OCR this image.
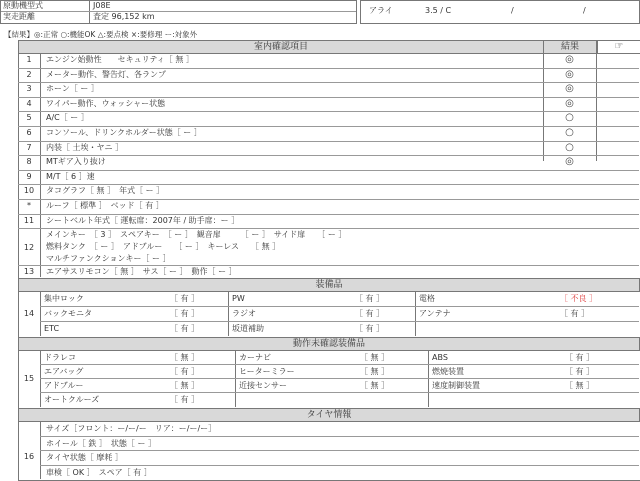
原動機型式	J08E
実走距離	査定 96,152 km
アライ	3.5 / C	/	/
【結果】◎:正常 ○:機能OK △:要点検 ×:要修理 ー:対象外
室内確認項目	結果	☞
1	エンジン始動性　　セキュリティ［ 無 ］	◎
2	メーター動作、警告灯、各ランプ	◎
3	ホーン［ ー ］	◎
4	ワイパー動作、ウォッシャー状態	◎
5	A/C［ ー ］	○
6	コンソール、ドリンクホルダー状態［ ー ］	○
7	内装［ 土埃・ヤニ ］	○
8	MTギア入り抜け	◎
9	M/T［ 6 ］速
10	タコグラフ［ 無 ］　年式［ ー ］
*	ルーフ［ 標準 ］　ベッド［ 有 ］
11	シートベルト年式［ 運転席：2007年 / 助手席：ー ］
12
メインキー　［ 3 ］　スペアキー　［ ー ］　観音扉　　　［ ー ］　サイド扉　　［ ー ］
燃料タンク　［ ー ］　アドブルー　　［ ー ］　キーレス　　［ 無 ］
マルチファンクションキー［ ー ］
13	エアサスリモコン［ 無 ］　サス［ ー ］　動作［ ー ］
装備品
14
集中ロック	［ 有 ］	PW	［ 有 ］	電格	［ 不良 ］
バックモニタ	［ 有 ］	ラジオ	［ 有 ］	アンテナ	［ 有 ］
ETC	［ 有 ］	坂道補助	［ 有 ］
動作未確認装備品
15
ドラレコ	［ 無 ］	カーナビ	［ 無 ］	ABS	［ 有 ］
エアバッグ	［ 有 ］	ヒーターミラー	［ 無 ］	燃焼装置	［ 有 ］
アドブルー	［ 無 ］	近接センサー	［ 無 ］	速度制御装置	［ 無 ］
オートクルーズ	［ 有 ］
タイヤ情報
16
サイズ［フロント：ー/ー/ー　リア：ー/ー/ー］
ホイール［ 鉄 ］　状態［ ー ］
タイヤ状態［ 摩耗 ］
車検［ OK ］　スペア［ 有 ］
